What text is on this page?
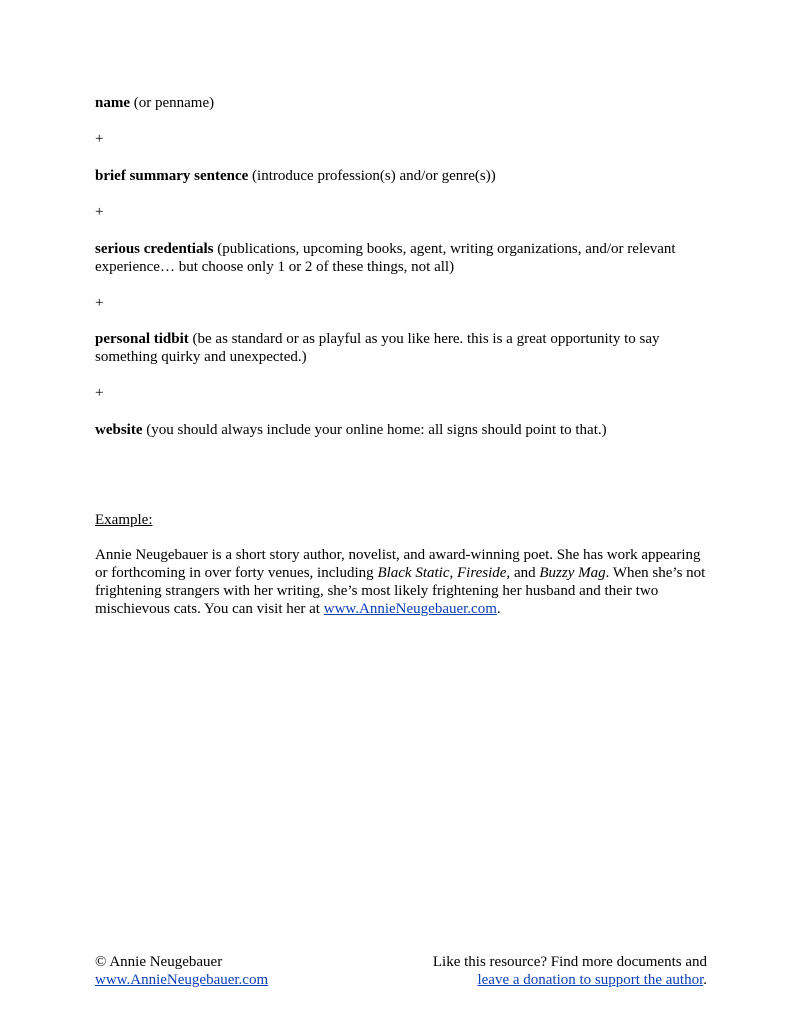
name (or penname)

+

brief summary sentence (introduce profession(s) and/or genre(s))

+

serious credentials (publications, upcoming books, agent, writing organizations, and/or relevant experience… but choose only 1 or 2 of these things, not all)

+

personal tidbit (be as standard or as playful as you like here. this is a great opportunity to say something quirky and unexpected.)

+

website (you should always include your online home: all signs should point to that.)

Example:

Annie Neugebauer is a short story author, novelist, and award-winning poet. She has work appearing or forthcoming in over forty venues, including Black Static, Fireside, and Buzzy Mag. When she’s not frightening strangers with her writing, she’s most likely frightening her husband and their two mischievous cats. You can visit her at www.AnnieNeugebauer.com.

© Annie Neugebauer
www.AnnieNeugebauer.com
Like this resource? Find more documents and
leave a donation to support the author.
